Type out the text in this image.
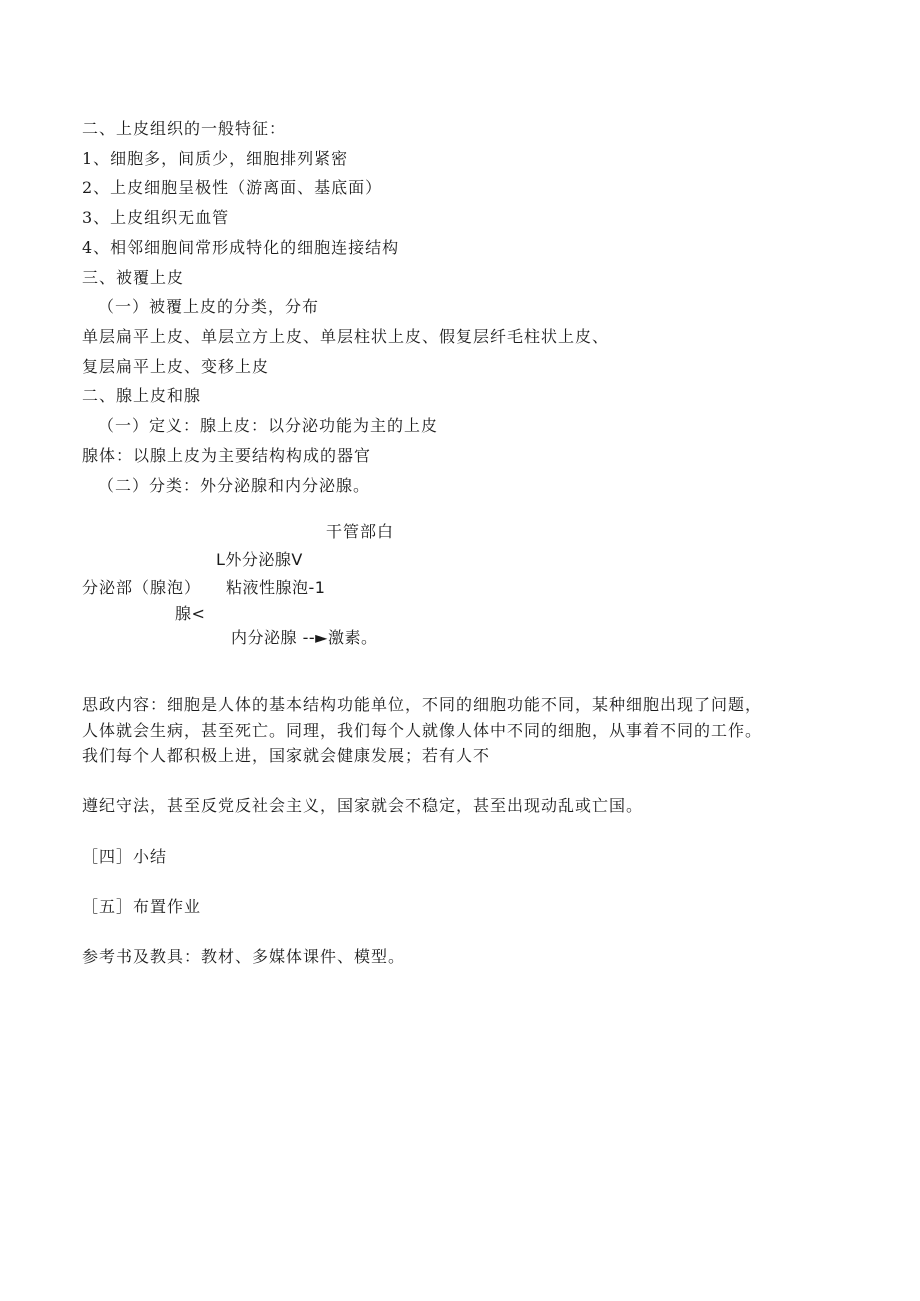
二、上皮组织的一般特征：
1、细胞多，间质少，细胞排列紧密
2、上皮细胞呈极性（游离面、基底面）
3、上皮组织无血管
4、相邻细胞间常形成特化的细胞连接结构
三、被覆上皮
（一）被覆上皮的分类，分布
单层扁平上皮、单层立方上皮、单层柱状上皮、假复层纤毛柱状上皮、
复层扁平上皮、变移上皮
二、腺上皮和腺
（一）定义：腺上皮：以分泌功能为主的上皮
腺体：以腺上皮为主要结构构成的器官
（二）分类：外分泌腺和内分泌腺。
干管部白
L外分泌腺V
分泌部（腺泡） 粘液性腺泡-1
腺<
内分泌腺 --►激素。
思政内容：细胞是人体的基本结构功能单位，不同的细胞功能不同，某种细胞出现了问题，
人体就会生病，甚至死亡。同理，我们每个人就像人体中不同的细胞，从事着不同的工作。
我们每个人都积极上进，国家就会健康发展；若有人不
遵纪守法，甚至反党反社会主义，国家就会不稳定，甚至出现动乱或亡国。
［四］小结
［五］布置作业
参考书及教具：教材、多媒体课件、模型。
